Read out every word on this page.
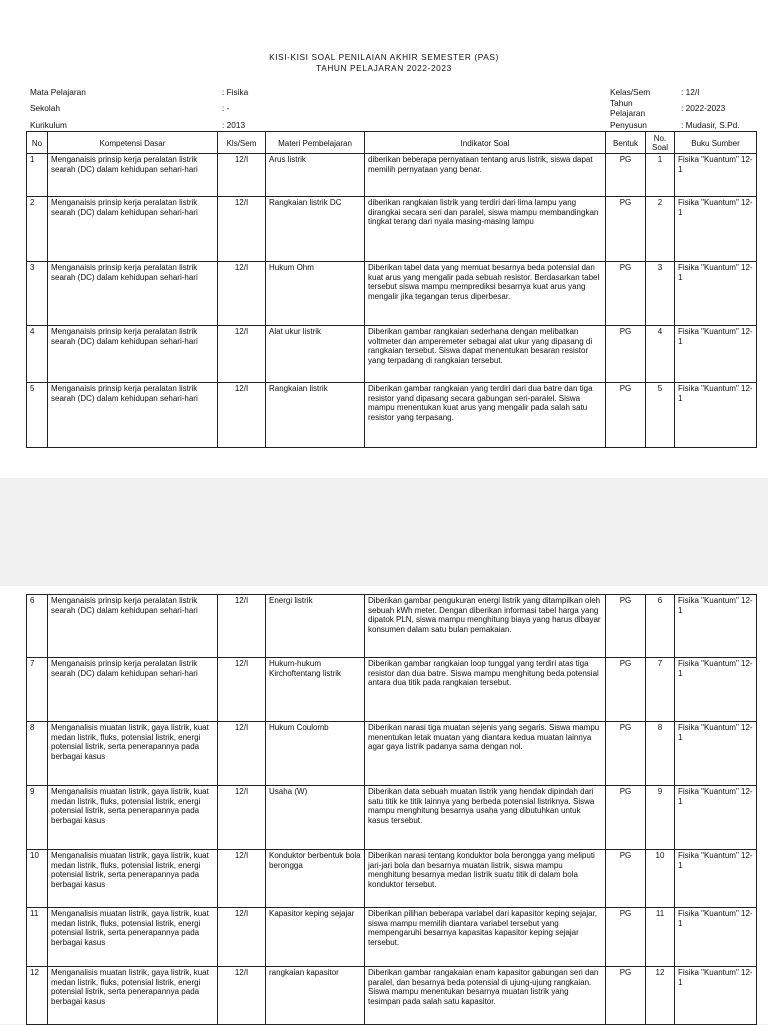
KISI-KISI SOAL PENILAIAN AKHIR SEMESTER (PAS)
TAHUN PELAJARAN 2022-2023
Mata Pelajaran	: Fisika
Sekolah	: -
Kurikulum	: 2013
Kelas/Sem	: 12/I
Tahun Pelajaran	: 2022-2023
Penyusun	: Mudasir, S.Pd.
No	Kompetensi Dasar	Kls/Sem	Materi Pembelajaran	Indikator Soal	Bentuk	No. Soal	Buku Sumber
1	Menganaisis prinsip kerja peralatan listrik searah (DC) dalam kehidupan sehari-hari	12/I	Arus listrik	diberikan beberapa pernyataan tentang arus listrik, siswa dapat memilih pernyataan yang benar.	PG	1	Fisika "Kuantum" 12-1
2	Menganaisis prinsip kerja peralatan listrik searah (DC) dalam kehidupan sehari-hari	12/I	Rangkaian listrik DC	diberikan rangkaian listrik yang terdiri dari lima lampu yang dirangkai secara seri dan paralel, siswa mampu membandingkan tingkat terang dari nyala masing-masing lampu	PG	2	Fisika "Kuantum" 12-1
3	Menganaisis prinsip kerja peralatan listrik searah (DC) dalam kehidupan sehari-hari	12/I	Hukum Ohm	Diberikan tabel data yang memuat besarnya beda potensial dan kuat arus yang mengalir pada sebuah resistor. Berdasarkan tabel tersebut siswa mampu memprediksi besarnya kuat arus yang mengalir jika tegangan terus diperbesar.	PG	3	Fisika "Kuantum" 12-1
4	Menganaisis prinsip kerja peralatan listrik searah (DC) dalam kehidupan sehari-hari	12/I	Alat ukur listrik	Diberikan gambar rangkaian sederhana dengan melibatkan voltmeter dan amperemeter sebagai alat ukur yang dipasang di rangkaian tersebut. Siswa dapat menentukan besaran resistor yang terpadang di rangkaian tersebut.	PG	4	Fisika "Kuantum" 12-1
5	Menganaisis prinsip kerja peralatan listrik searah (DC) dalam kehidupan sehari-hari	12/I	Rangkaian listrik	Diberikan gambar rangkaian yang terdiri dari dua batre dan tiga resistor yand dipasang secara gabungan seri-paralel. Siswa mampu menentukan kuat arus yang mengalir pada salah satu resistor yang terpasang.	PG	5	Fisika "Kuantum" 12-1
6	Menganaisis prinsip kerja peralatan listrik searah (DC) dalam kehidupan sehari-hari	12/I	Energi listrik	Diberikan gambar pengukuran energi listrik yang ditampilkan oleh sebuah kWh meter. Dengan diberikan informasi tabel harga yang dipatok PLN, siswa mampu menghitung biaya yang harus dibayar konsumen dalam satu bulan pemakaian.	PG	6	Fisika "Kuantum" 12-1
7	Menganaisis prinsip kerja peralatan listrik searah (DC) dalam kehidupan sehari-hari	12/I	Hukum-hukum Kirchoftentang listrik	Diberikan gambar rangkaian loop tunggal yang terdiri atas tiga resistor dan dua batre. Siswa mampu menghitung beda potensial antara dua titik pada rangkaian tersebut.	PG	7	Fisika "Kuantum" 12-1
8	Menganalisis muatan listrik, gaya listrik, kuat medan listrik, fluks, potensial listrik, energi potensial listrik, serta penerapannya pada berbagai kasus	12/I	Hukum Coulomb	Diberikan narasi tiga muatan sejenis yang segaris. Siswa mampu menentukan letak muatan yang diantara kedua muatan lainnya agar gaya listrik padanya sama dengan nol.	PG	8	Fisika "Kuantum" 12-1
9	Menganalisis muatan listrik, gaya listrik, kuat medan listrik, fluks, potensial listrik, energi potensial listrik, serta penerapannya pada berbagai kasus	12/I	Usaha (W)	Diberikan data sebuah muatan listrik yang hendak dipindah dari satu titik ke titik lainnya yang berbeda potensial listriknya. Siswa mampu menghitung besarnya usaha yang dibutuhkan untuk kasus tersebut.	PG	9	Fisika "Kuantum" 12-1
10	Menganalisis muatan listrik, gaya listrik, kuat medan listrik, fluks, potensial listrik, energi potensial listrik, serta penerapannya pada berbagai kasus	12/I	Konduktor berbentuk bola berongga	Diberikan narasi tentang konduktor bola berongga yang meliputi jari-jari bola dan besarnya muatan listrik, siswa mampu menghitung besarnya medan listrik suatu titik di dalam bola konduktor tersebut.	PG	10	Fisika "Kuantum" 12-1
11	Menganalisis muatan listrik, gaya listrik, kuat medan listrik, fluks, potensial listrik, energi potensial listrik, serta penerapannya pada berbagai kasus	12/I	Kapasitor keping sejajar	Diberikan pilihan beberapa variabel dari kapasitor keping sejajar, siswa mampu memilih diantara variabel tersebut yang mempengaruhi besarnya kapasitas kapasitor keping sejajar tersebut.	PG	11	Fisika "Kuantum" 12-1
12	Menganalisis muatan listrik, gaya listrik, kuat medan listrik, fluks, potensial listrik, energi potensial listrik, serta penerapannya pada berbagai kasus	12/I	rangkaian kapasitor	Diberikan gambar rangakaian enam kapasitor gabungan seri dan paralel, dan besarnya beda potensial di ujung-ujung rangkaian. Siswa mampu menentukan besarnya muatan listrik yang tesimpan pada salah satu kapasitor.	PG	12	Fisika "Kuantum" 12-1
